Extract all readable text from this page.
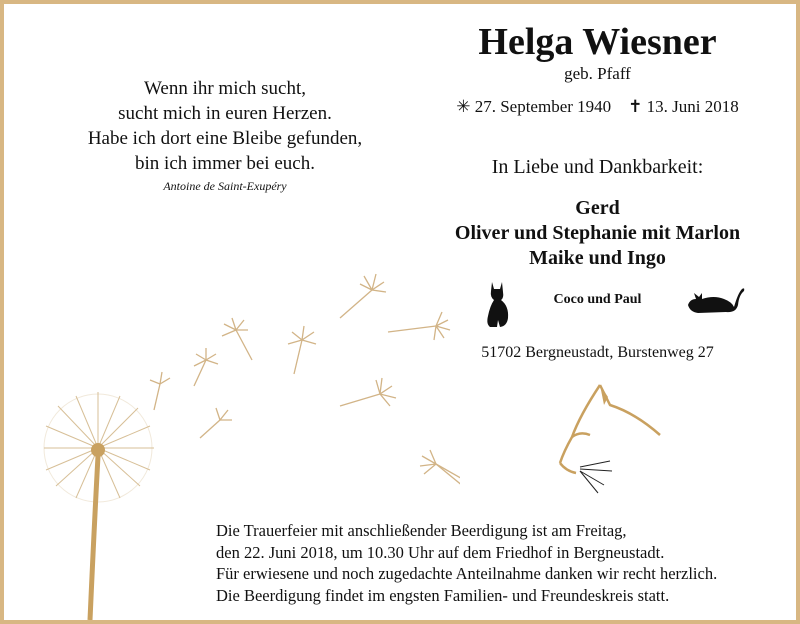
Wenn ihr mich sucht,
sucht mich in euren Herzen.
Habe ich dort eine Bleibe gefunden,
bin ich immer bei euch.
Antoine de Saint-Exupéry
Helga Wiesner
geb. Pfaff
✳ 27. September 1940 ✝ 13. Juni 2018
In Liebe und Dankbarkeit:
Gerd
Oliver und Stephanie mit Marlon
Maike und Ingo
Coco und Paul
51702 Bergneustadt, Burstenweg 27
Die Trauerfeier mit anschließender Beerdigung ist am Freitag,
den 22. Juni 2018, um 10.30 Uhr auf dem Friedhof in Bergneustadt.
Für erwiesene und noch zugedachte Anteilnahme danken wir recht herzlich.
Die Beerdigung findet im engsten Familien- und Freundeskreis statt.
